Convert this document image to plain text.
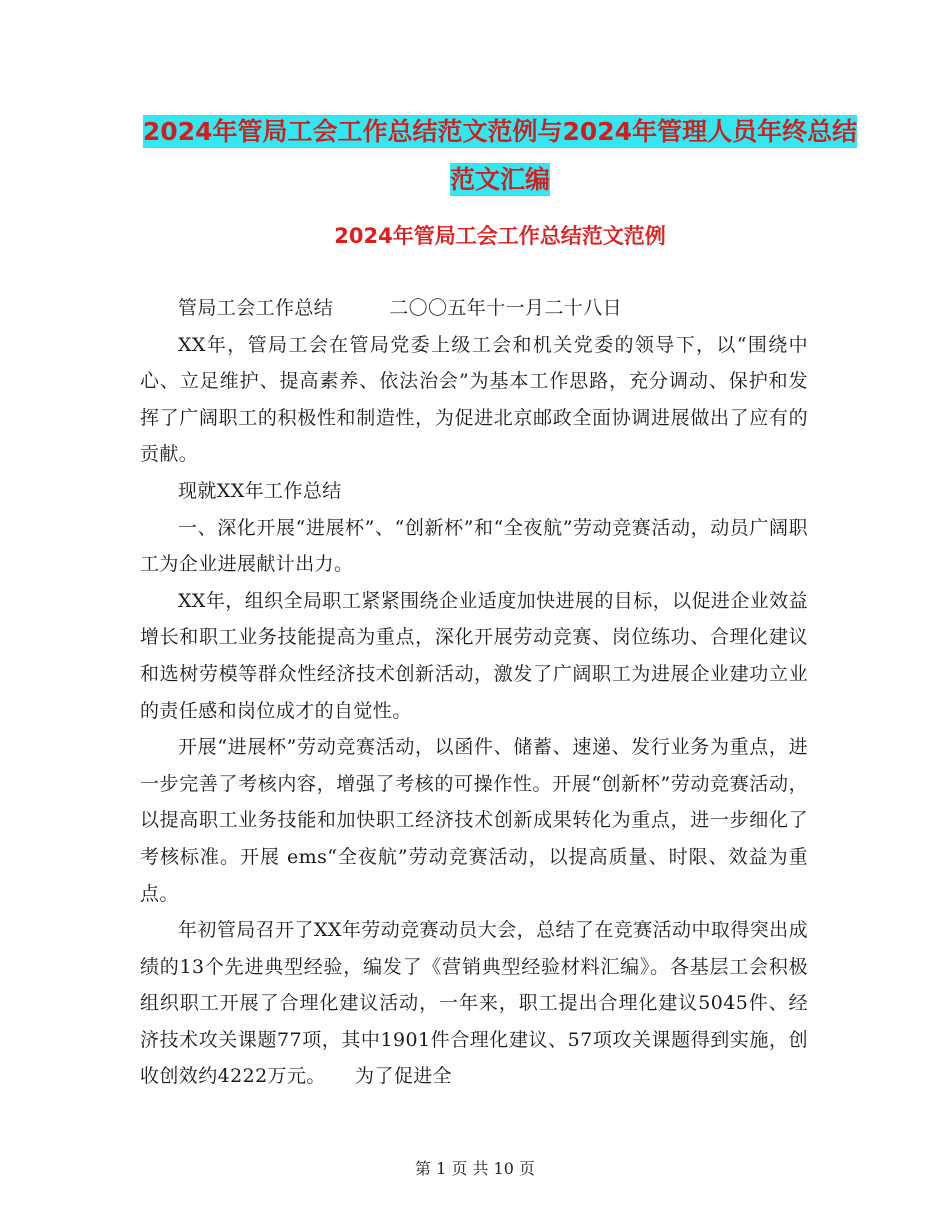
2024年管局工会工作总结范文范例与2024年管理人员年终总结范文汇编
2024年管局工会工作总结范文范例

管局工会工作总结	二〇〇五年十一月二十八日

XX年，管局工会在管局党委上级工会和机关党委的领导下，以“围绕中心、立足维护、提高素养、依法治会”为基本工作思路，充分调动、保护和发挥了广阔职工的积极性和制造性，为促进北京邮政全面协调进展做出了应有的贡献。

现就XX年工作总结

一、深化开展“进展杯”、“创新杯”和“全夜航”劳动竞赛活动，动员广阔职工为企业进展献计出力。

XX年，组织全局职工紧紧围绕企业适度加快进展的目标，以促进企业效益增长和职工业务技能提高为重点，深化开展劳动竞赛、岗位练功、合理化建议和选树劳模等群众性经济技术创新活动，激发了广阔职工为进展企业建功立业的责任感和岗位成才的自觉性。

开展“进展杯”劳动竞赛活动，以函件、储蓄、速递、发行业务为重点，进一步完善了考核内容，增强了考核的可操作性。开展“创新杯”劳动竞赛活动，以提高职工业务技能和加快职工经济技术创新成果转化为重点，进一步细化了考核标准。开展 ems“全夜航”劳动竞赛活动，以提高质量、时限、效益为重点。

年初管局召开了XX年劳动竞赛动员大会，总结了在竞赛活动中取得突出成绩的13个先进典型经验，编发了《营销典型经验材料汇编》。各基层工会积极组织职工开展了合理化建议活动，一年来，职工提出合理化建议5045件、经济技术攻关课题77项，其中1901件合理化建议、57项攻关课题得到实施，创收创效约4222万元。　　为了促进全

第 1 页 共 10 页
